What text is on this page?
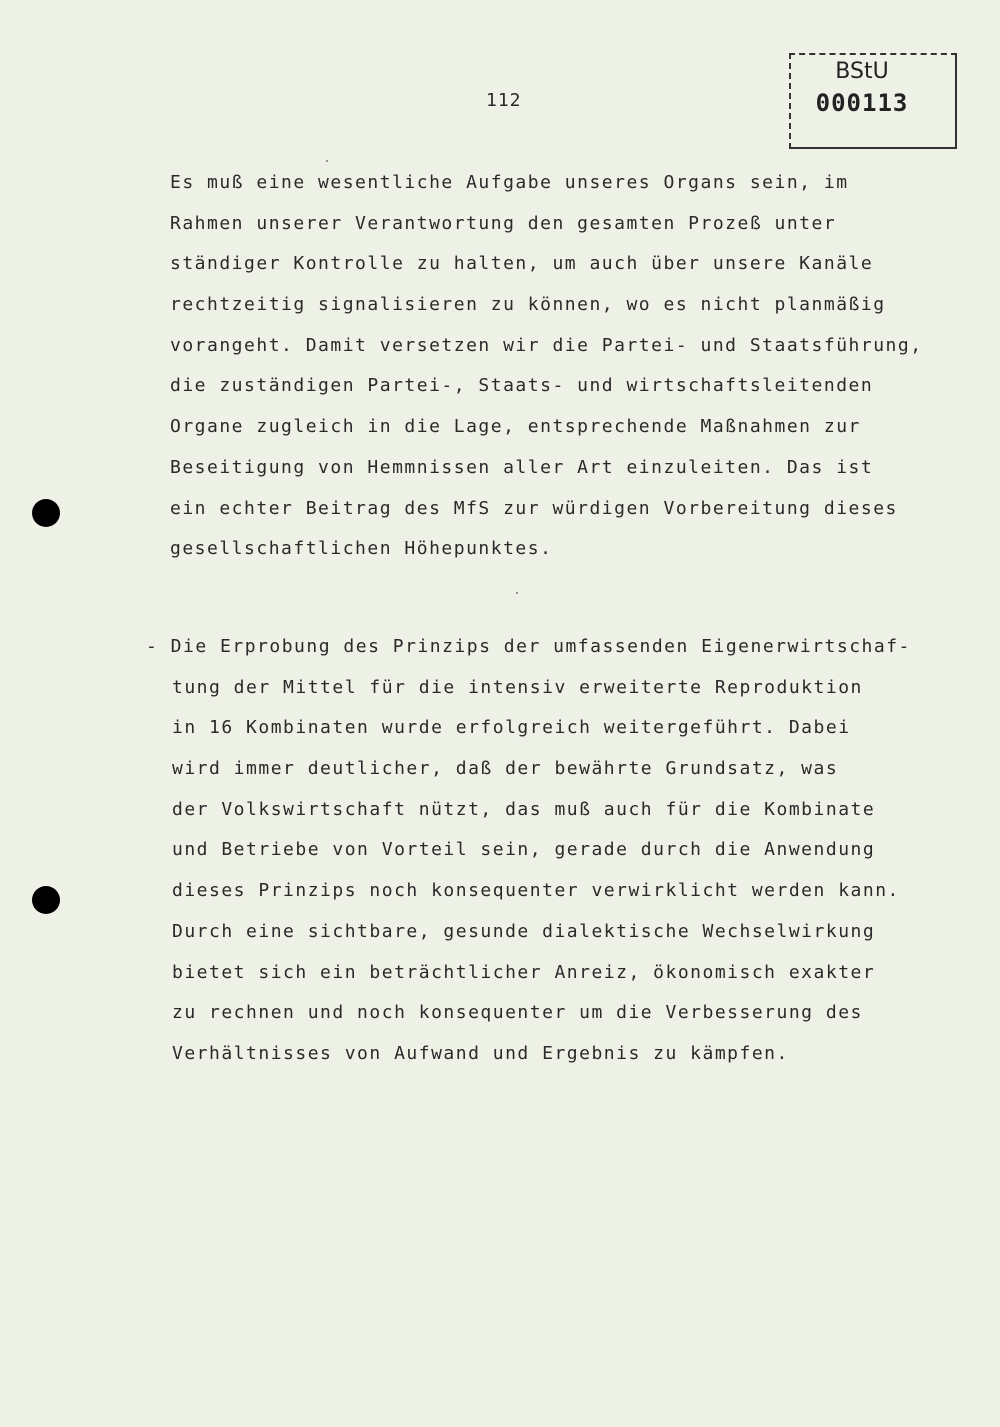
112
BStU
000113
Es muß eine wesentliche Aufgabe unseres Organs sein, im
Rahmen unserer Verantwortung den gesamten Prozeß unter
ständiger Kontrolle zu halten, um auch über unsere Kanäle
rechtzeitig signalisieren zu können, wo es nicht planmäßig
vorangeht. Damit versetzen wir die Partei- und Staatsführung,
die zuständigen Partei-, Staats- und wirtschaftsleitenden
Organe zugleich in die Lage, entsprechende Maßnahmen zur
Beseitigung von Hemmnissen aller Art einzuleiten. Das ist
ein echter Beitrag des MfS zur würdigen Vorbereitung dieses
gesellschaftlichen Höhepunktes.
- Die Erprobung des Prinzips der umfassenden Eigenerwirtschaf-
tung der Mittel für die intensiv erweiterte Reproduktion
in 16 Kombinaten wurde erfolgreich weitergeführt. Dabei
wird immer deutlicher, daß der bewährte Grundsatz, was
der Volkswirtschaft nützt, das muß auch für die Kombinate
und Betriebe von Vorteil sein, gerade durch die Anwendung
dieses Prinzips noch konsequenter verwirklicht werden kann.
Durch eine sichtbare, gesunde dialektische Wechselwirkung
bietet sich ein beträchtlicher Anreiz, ökonomisch exakter
zu rechnen und noch konsequenter um die Verbesserung des
Verhältnisses von Aufwand und Ergebnis zu kämpfen.
